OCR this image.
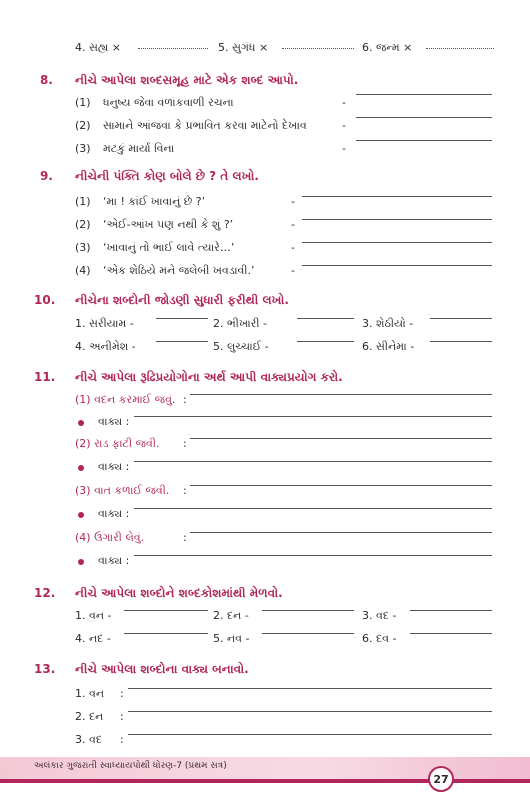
4. સહ્ય ×	5. સુગંધ ×	6. જન્મ ×
8. નીચે આપેલા શબ્દસમૂહ માટે એક શબ્દ આપો.
(1) ધનુષ્ય જેવા વળાંકવાળી રચના	-
(2) સામાને આંજવા કે પ્રભાવિત કરવા માટેનો દેખાવ	-
(3) મટકું માર્યા વિના	-
9. નીચેની પંક્તિ કોણ બોલે છે ? તે લખો.
(1) ‘મા ! કાંઈ ખાવાનું છે ?’	-
(2) ‘એઈ-આંખ પણ નથી કે શું ?’	-
(3) ‘ખાવાનું તો ભાઈ લાવે ત્યારે…’	-
(4) ‘એક શેઠિયે મને જલેબી ખવડાવી.’	-
10. નીચેના શબ્દોની જોડણી સુધારી ફરીથી લખો.
1. સરીયામ -	2. ભીખારી -	3. શેઠીયો -
4. અનીમેશ -	5. લુચ્ચાઈ -	6. સીનેમા -
11. નીચે આપેલા રૂઢિપ્રયોગોના અર્થ આપી વાક્યપ્રયોગ કરો.
(1) વદન કરમાઈ જવું. :
વાક્ય :
(2) રાડ ફાટી જવી. :
વાક્ય :
(3) વાત કળાઈ જવી. :
વાક્ય :
(4) ઉગારી લેવું.	:
વાક્ય :
12. નીચે આપેલા શબ્દોને શબ્દકોશમાંથી મેળવો.
1. વન -	2. દન -	3. વદ -
4. નદ -	5. નવ -	6. દવ -
13. નીચે આપેલા શબ્દોના વાક્ય બનાવો.
1. વન :
2. દન :
3. વદ :
અલંકાર ગુજરાતી સ્વાધ્યાયપોથી ધોરણ-7 (પ્રથમ સત્ર)
27
